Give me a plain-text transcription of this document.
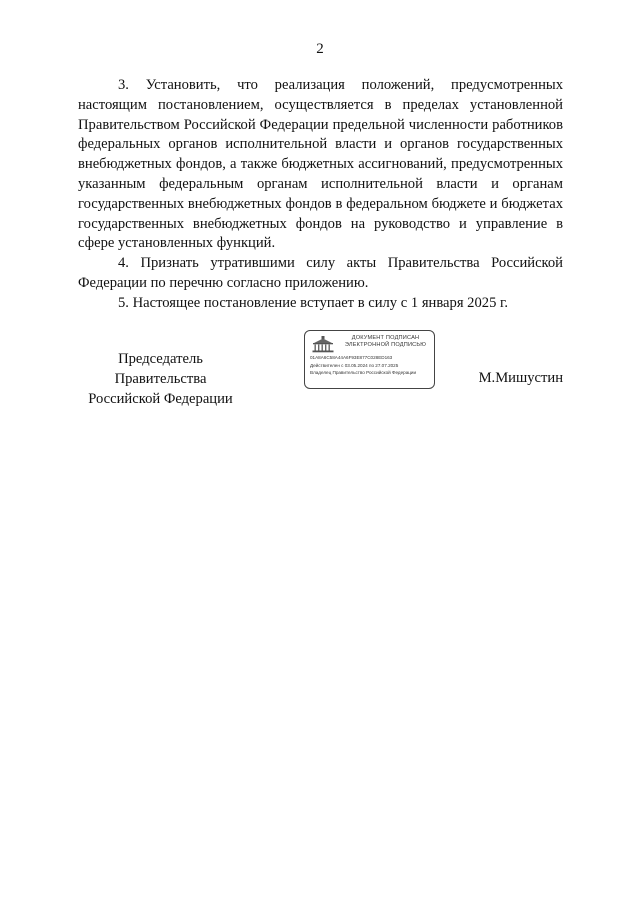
2

3. Установить, что реализация положений, предусмотренных настоящим постановлением, осуществляется в пределах установленной Правительством Российской Федерации предельной численности работников федеральных органов исполнительной власти и органов государственных внебюджетных фондов, а также бюджетных ассигнований, предусмотренных указанным федеральным органам исполнительной власти и органам государственных внебюджетных фондов в федеральном бюджете и бюджетах государственных внебюджетных фондов на руководство и управление в сфере установленных функций.

4. Признать утратившими силу акты Правительства Российской Федерации по перечню согласно приложению.

5. Настоящее постановление вступает в силу с 1 января 2025 г.

Председатель Правительства
Российской Федерации
М.Мишустин
ДОКУМЕНТ ПОДПИСАН
ЭЛЕКТРОННОЙ ПОДПИСЬЮ
01A8A6C58A44A6F93E877C028ED163
Действителен с 03.05.2024 по 27.07.2025
Владелец Правительство Российской Федерации
